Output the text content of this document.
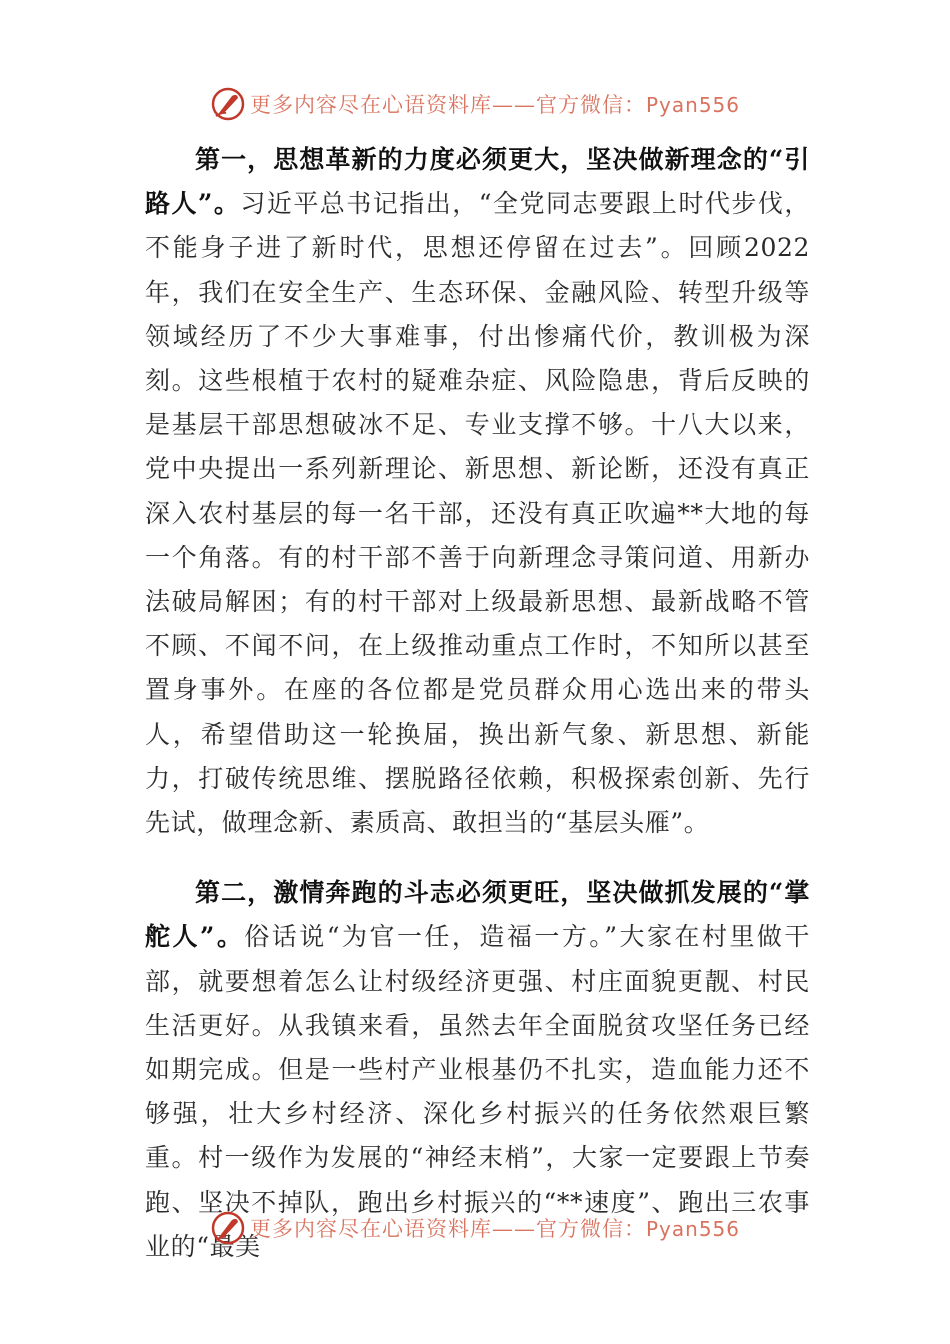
更多内容尽在心语资料库——官方微信：Pyan556

第一，思想革新的力度必须更大，坚决做新理念的“引路人”。习近平总书记指出，“全党同志要跟上时代步伐，不能身子进了新时代，思想还停留在过去”。回顾2022年，我们在安全生产、生态环保、金融风险、转型升级等领域经历了不少大事难事，付出惨痛代价，教训极为深刻。这些根植于农村的疑难杂症、风险隐患，背后反映的是基层干部思想破冰不足、专业支撑不够。十八大以来，党中央提出一系列新理论、新思想、新论断，还没有真正深入农村基层的每一名干部，还没有真正吹遍**大地的每一个角落。有的村干部不善于向新理念寻策问道、用新办法破局解困；有的村干部对上级最新思想、最新战略不管不顾、不闻不问，在上级推动重点工作时，不知所以甚至置身事外。在座的各位都是党员群众用心选出来的带头人，希望借助这一轮换届，换出新气象、新思想、新能力，打破传统思维、摆脱路径依赖，积极探索创新、先行先试，做理念新、素质高、敢担当的“基层头雁”。

第二，激情奔跑的斗志必须更旺，坚决做抓发展的“掌舵人”。俗话说“为官一任，造福一方。”大家在村里做干部，就要想着怎么让村级经济更强、村庄面貌更靓、村民生活更好。从我镇来看，虽然去年全面脱贫攻坚任务已经如期完成。但是一些村产业根基仍不扎实，造血能力还不够强，壮大乡村经济、深化乡村振兴的任务依然艰巨繁重。村一级作为发展的“神经末梢”，大家一定要跟上节奏跑、坚决不掉队，跑出乡村振兴的“**速度”、跑出三农事业的“最美

更多内容尽在心语资料库——官方微信：Pyan556
